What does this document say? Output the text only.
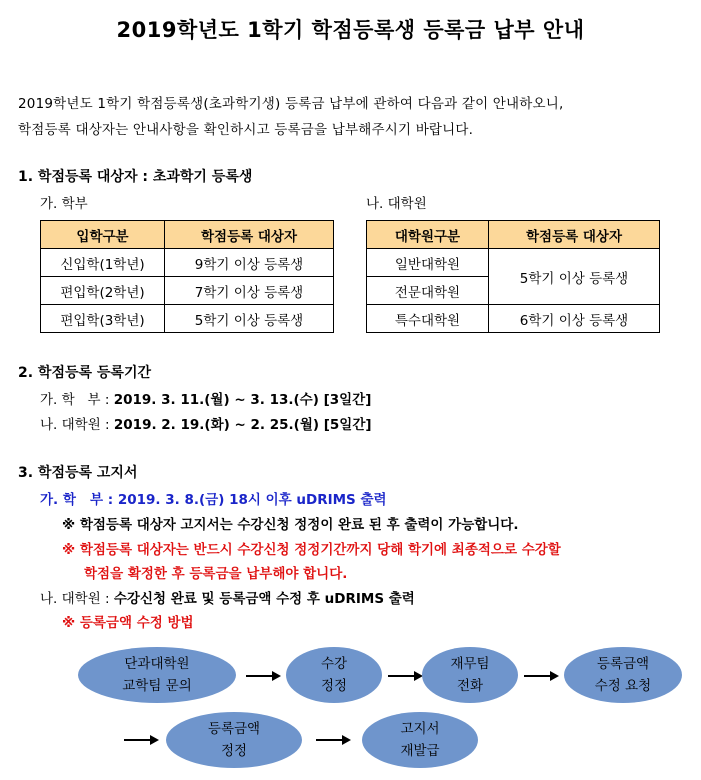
2019학년도 1학기 학점등록생 등록금 납부 안내
2019학년도 1학기 학점등록생(초과학기생) 등록금 납부에 관하여 다음과 같이 안내하오니,
학점등록 대상자는 안내사항을 확인하시고 등록금을 납부해주시기 바랍니다.
1. 학점등록 대상자 : 초과학기 등록생
가. 학부	나. 대학원
입학구분	학점등록 대상자
신입학(1학년)	9학기 이상 등록생
편입학(2학년)	7학기 이상 등록생
편입학(3학년)	5학기 이상 등록생
대학원구분	학점등록 대상자
일반대학원	5학기 이상 등록생
전문대학원	
특수대학원	6학기 이상 등록생
2. 학점등록 등록기간
가. 학   부 : 2019. 3. 11.(월) ~ 3. 13.(수) [3일간]
나. 대학원 : 2019. 2. 19.(화) ~ 2. 25.(월) [5일간]
3. 학점등록 고지서
가. 학   부 : 2019. 3. 8.(금) 18시 이후 uDRIMS 출력
※ 학점등록 대상자 고지서는 수강신청 정정이 완료 된 후 출력이 가능합니다.
※ 학점등록 대상자는 반드시 수강신청 정정기간까지 당해 학기에 최종적으로 수강할
학점을 확정한 후 등록금을 납부해야 합니다.
나. 대학원 : 수강신청 완료 및 등록금액 수정 후 uDRIMS 출력
※ 등록금액 수정 방법
단과대학원
교학팀 문의
수강
정정
재무팀
전화
등록금액
수정 요청
등록금액
정정
고지서
재발급
